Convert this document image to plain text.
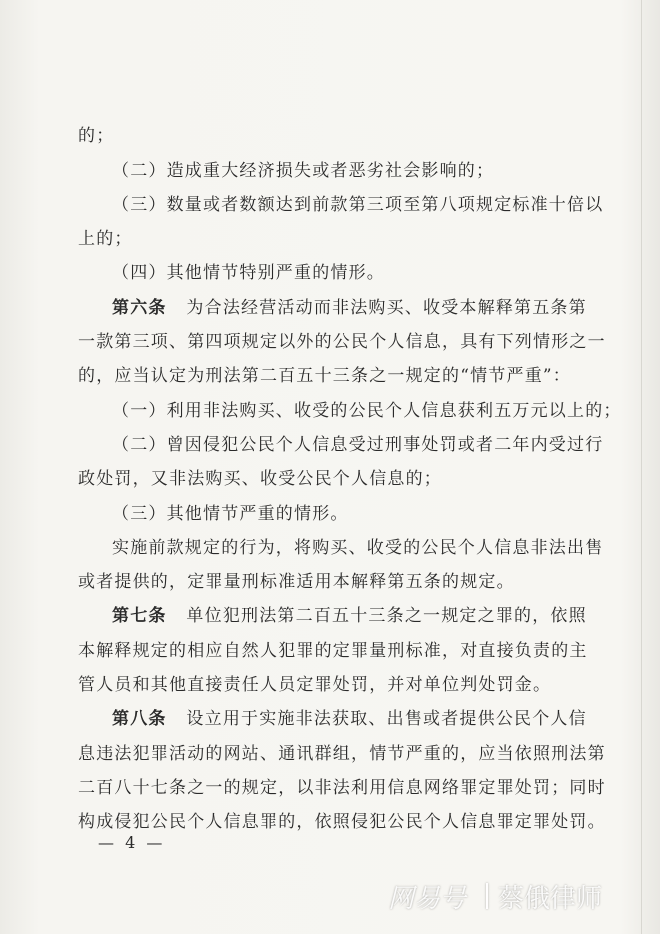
的；
（二）造成重大经济损失或者恶劣社会影响的；
（三）数量或者数额达到前款第三项至第八项规定标准十倍以
上的；
（四）其他情节特别严重的情形。
第六条 为合法经营活动而非法购买、收受本解释第五条第
一款第三项、第四项规定以外的公民个人信息，具有下列情形之一
的，应当认定为刑法第二百五十三条之一规定的“情节严重”：
（一）利用非法购买、收受的公民个人信息获利五万元以上的；
（二）曾因侵犯公民个人信息受过刑事处罚或者二年内受过行
政处罚，又非法购买、收受公民个人信息的；
（三）其他情节严重的情形。
实施前款规定的行为，将购买、收受的公民个人信息非法出售
或者提供的，定罪量刑标准适用本解释第五条的规定。
第七条 单位犯刑法第二百五十三条之一规定之罪的，依照
本解释规定的相应自然人犯罪的定罪量刑标准，对直接负责的主
管人员和其他直接责任人员定罪处罚，并对单位判处罚金。
第八条 设立用于实施非法获取、出售或者提供公民个人信
息违法犯罪活动的网站、通讯群组，情节严重的，应当依照刑法第
二百八十七条之一的规定，以非法利用信息网络罪定罪处罚；同时
构成侵犯公民个人信息罪的，依照侵犯公民个人信息罪定罪处罚。
— 4 —
网易号 蔡俄律师
